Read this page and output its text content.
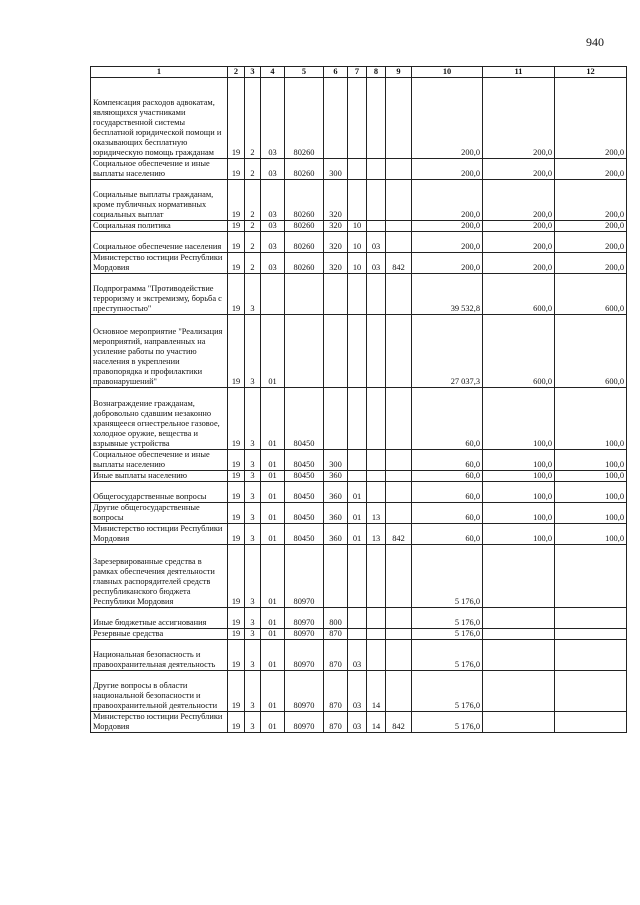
940
1	2	3	4	5	6	7	8	9	10	11	12
Компенсация расходов адвокатам, являющихся участниками государственной системы бесплатной юридической помощи и оказывающих бесплатную юридическую помощь гражданам	19	2	03	80260					200,0	200,0	200,0
Социальное обеспечение и иные выплаты населению	19	2	03	80260	300				200,0	200,0	200,0
Социальные выплаты гражданам, кроме публичных нормативных социальных выплат	19	2	03	80260	320				200,0	200,0	200,0
Социальная политика	19	2	03	80260	320	10			200,0	200,0	200,0
Социальное обеспечение населения	19	2	03	80260	320	10	03		200,0	200,0	200,0
Министерство юстиции Республики Мордовия	19	2	03	80260	320	10	03	842	200,0	200,0	200,0
Подпрограмма "Противодействие терроризму и экстремизму, борьба с преступностью"	19	3							39 532,8	600,0	600,0
Основное мероприятие "Реализация мероприятий, направленных на усиление работы по участию населения в укреплении правопорядка и профилактики правонарушений"	19	3	01						27 037,3	600,0	600,0
Вознаграждение гражданам, добровольно сдавшим незаконно хранящееся огнестрельное газовое, холодное оружие, вещества и взрывные устройства	19	3	01	80450					60,0	100,0	100,0
Социальное обеспечение и иные выплаты населению	19	3	01	80450	300				60,0	100,0	100,0
Иные выплаты населению	19	3	01	80450	360				60,0	100,0	100,0
Общегосударственные вопросы	19	3	01	80450	360	01			60,0	100,0	100,0
Другие общегосударственные вопросы	19	3	01	80450	360	01	13		60,0	100,0	100,0
Министерство юстиции Республики Мордовия	19	3	01	80450	360	01	13	842	60,0	100,0	100,0
Зарезервированные средства в рамках обеспечения деятельности главных распорядителей средств республиканского бюджета Республики Мордовия	19	3	01	80970					5 176,0		
Иные бюджетные ассигнования	19	3	01	80970	800				5 176,0		
Резервные средства	19	3	01	80970	870				5 176,0		
Национальная безопасность и правоохранительная деятельность	19	3	01	80970	870	03			5 176,0		
Другие вопросы в области национальной безопасности и правоохранительной деятельности	19	3	01	80970	870	03	14		5 176,0		
Министерство юстиции Республики Мордовия	19	3	01	80970	870	03	14	842	5 176,0		
